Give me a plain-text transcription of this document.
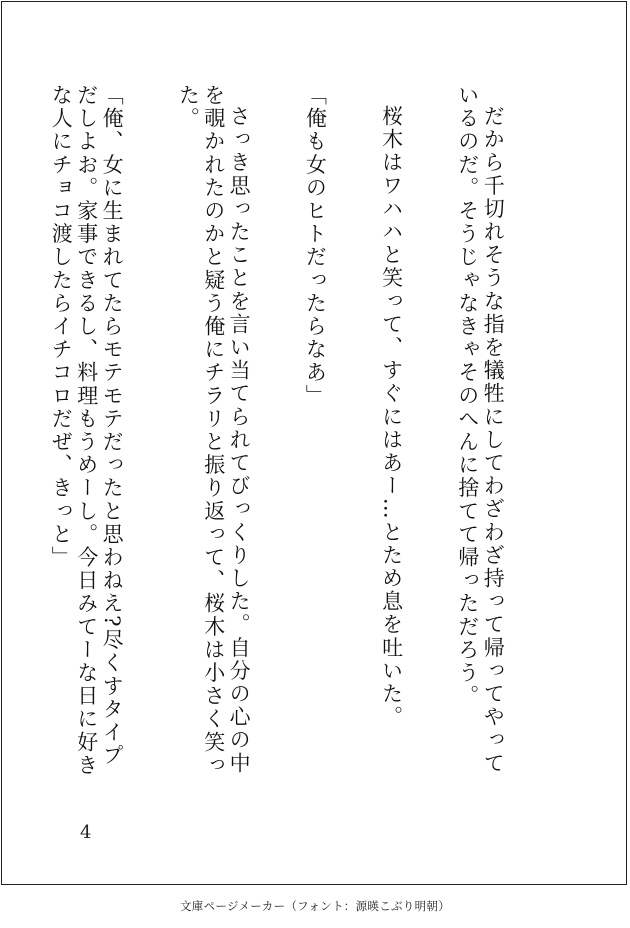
だから千切れそうな指を犠牲にしてわざわざ持って帰ってやっているのだ。そうじゃなきゃそのへんに捨てて帰っただろう。

桜木はワハハと笑って、すぐにはあー…とため息を吐いた。

「俺も女のヒトだったらなあ」

さっき思ったことを言い当てられてびっくりした。自分の心の中を覗かれたのかと疑う俺にチラリと振り返って、桜木は小さく笑った。

「俺、女に生まれてたらモテモテだったと思わねえ?尽くすタイプだしよお。家事できるし、料理もうめーし。今日みてーな日に好きな人にチョコ渡したらイチコロだぜ、きっと」

4
文庫ページメーカー（フォント：源暎こぶり明朝）
